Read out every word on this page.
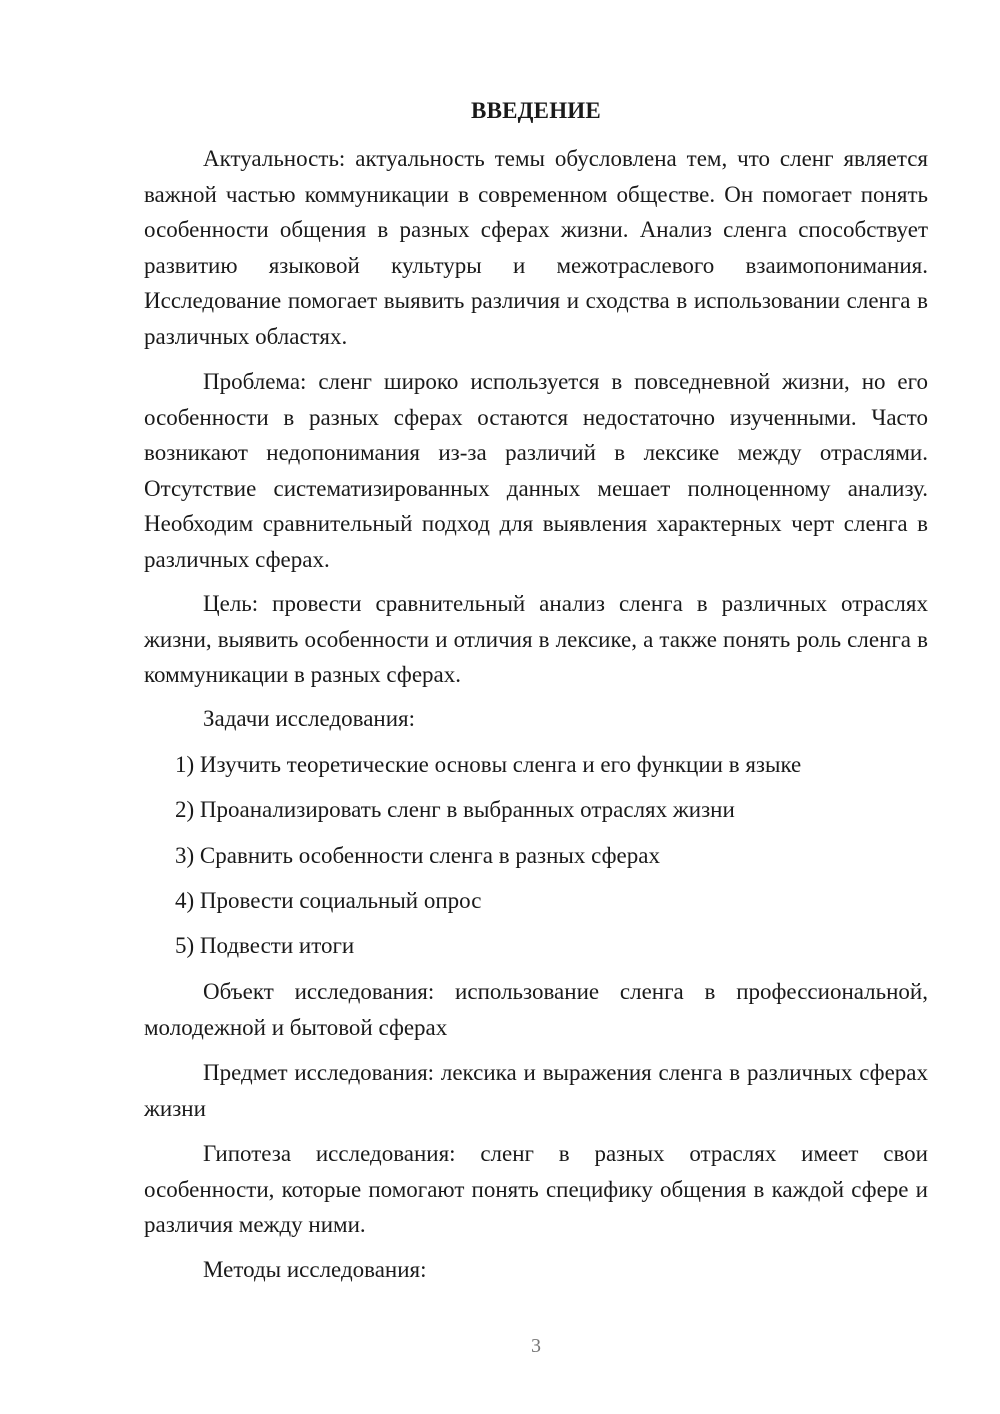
ВВЕДЕНИЕ

Актуальность: актуальность темы обусловлена тем, что сленг является важной частью коммуникации в современном обществе. Он помогает понять особенности общения в разных сферах жизни. Анализ сленга способствует развитию языковой культуры и межотраслевого взаимопонимания. Исследование помогает выявить различия и сходства в использовании сленга в различных областях.

Проблема: сленг широко используется в повседневной жизни, но его особенности в разных сферах остаются недостаточно изученными. Часто возникают недопонимания из-за различий в лексике между отраслями. Отсутствие систематизированных данных мешает полноценному анализу. Необходим сравнительный подход для выявления характерных черт сленга в различных сферах.

Цель: провести сравнительный анализ сленга в различных отраслях жизни, выявить особенности и отличия в лексике, а также понять роль сленга в коммуникации в разных сферах.

Задачи исследования:

1) Изучить теоретические основы сленга и его функции в языке

2) Проанализировать сленг в выбранных отраслях жизни

3) Сравнить особенности сленга в разных сферах

4) Провести социальный опрос

5) Подвести итоги

Объект исследования: использование сленга в профессиональной, молодежной и бытовой сферах

Предмет исследования: лексика и выражения сленга в различных сферах жизни

Гипотеза исследования: сленг в разных отраслях имеет свои особенности, которые помогают понять специфику общения в каждой сфере и различия между ними.

Методы исследования:

3
